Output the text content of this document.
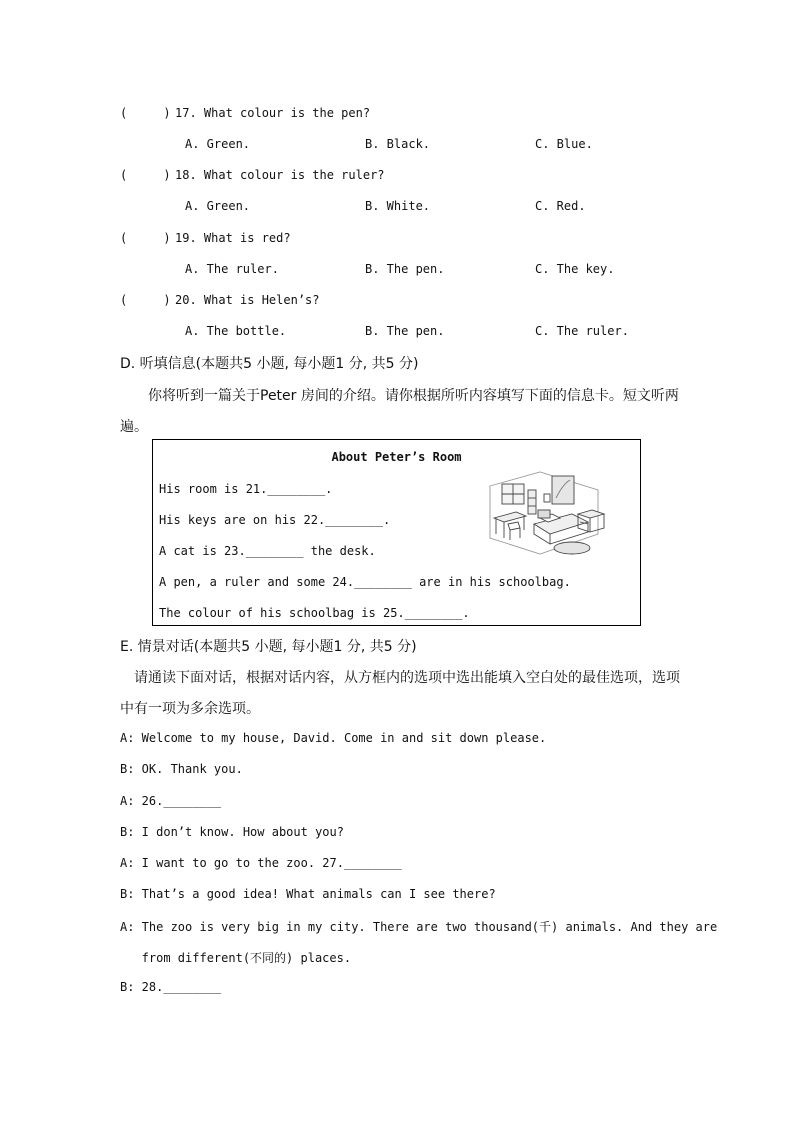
(     ) 17. What colour is the pen?
A. Green.	B. Black.	C. Blue.
(     ) 18. What colour is the ruler?
A. Green.	B. White.	C. Red.
(     ) 19. What is red?
A. The ruler.	B. The pen.	C. The key.
(     ) 20. What is Helen’s?
A. The bottle.	B. The pen.	C. The ruler.
D. 听填信息(本题共5 小题, 每小题1 分, 共5 分)
你将听到一篇关于Peter 房间的介绍。请你根据所听内容填写下面的信息卡。短文听两
遍。
About Peter’s Room
His room is 21.________.
His keys are on his 22.________.
A cat is 23.________ the desk.
A pen, a ruler and some 24.________ are in his schoolbag.
The colour of his schoolbag is 25.________.
E. 情景对话(本题共5 小题, 每小题1 分, 共5 分)
请通读下面对话，根据对话内容，从方框内的选项中选出能填入空白处的最佳选项，选项
中有一项为多余选项。
A: Welcome to my house, David. Come in and sit down please.
B: OK. Thank you.
A: 26.________
B: I don’t know. How about you?
A: I want to go to the zoo. 27.________
B: That’s a good idea! What animals can I see there?
A: The zoo is very big in my city. There are two thousand(千) animals. And they are
from different(不同的) places.
B: 28.________
